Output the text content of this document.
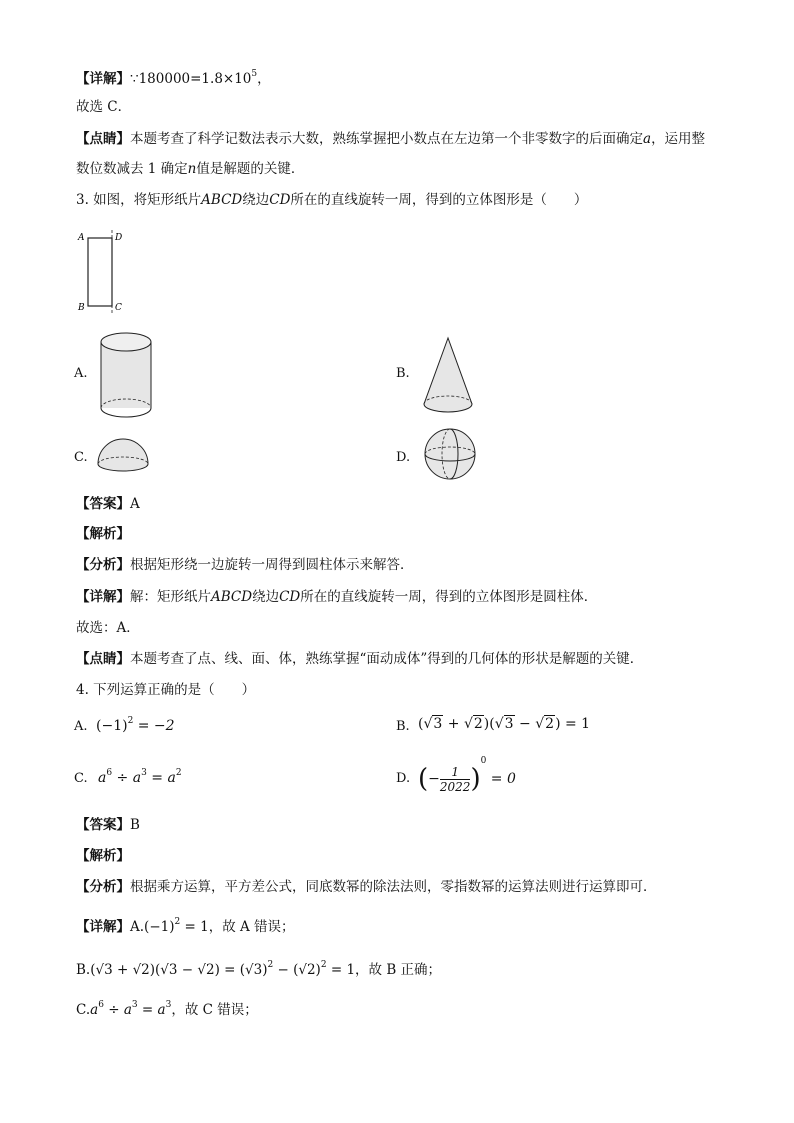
【详解】$\because 180000=1.8\times 10^5$，
故选 C．
【点睛】本题考查了科学记数法表示大数，熟练掌握把小数点在左边第一个非零数字的后面确定a，运用整
数位数减去 1 确定n值是解题的关键．
3. 如图，将矩形纸片ABCD绕边CD所在的直线旋转一周，得到的立体图形是（　　）
A	D
B	C
A.	B.
C.	D.
【答案】A
【解析】
【分析】根据矩形绕一边旋转一周得到圆柱体示来解答．
【详解】解：矩形纸片ABCD绕边CD所在的直线旋转一周，得到的立体图形是圆柱体．
故选：A．
【点睛】本题考查了点、线、面、体，熟练掌握“面动成体”得到的几何体的形状是解题的关键．
4. 下列运算正确的是（　　）
A. $(-1)^2 = -2$	B. (√3 + √2)(√3 − √2) = 1
C. $a^6 \div a^3 = a^2$	D. (− $\frac{1}{2022} )^0 = 0$
【答案】B
【解析】
【分析】根据乘方运算，平方差公式，同底数幂的除法法则，零指数幂的运算法则进行运算即可．
【详解】$A.(-1)^2 = 1$，故 A 错误；
$B.(√3 + √2)(√3 - √2) = (√3)^2 - (√2)^2 = 1$，故 B 正确；
$C.a^6 \div a^3 = a^3$，故 C 错误；
